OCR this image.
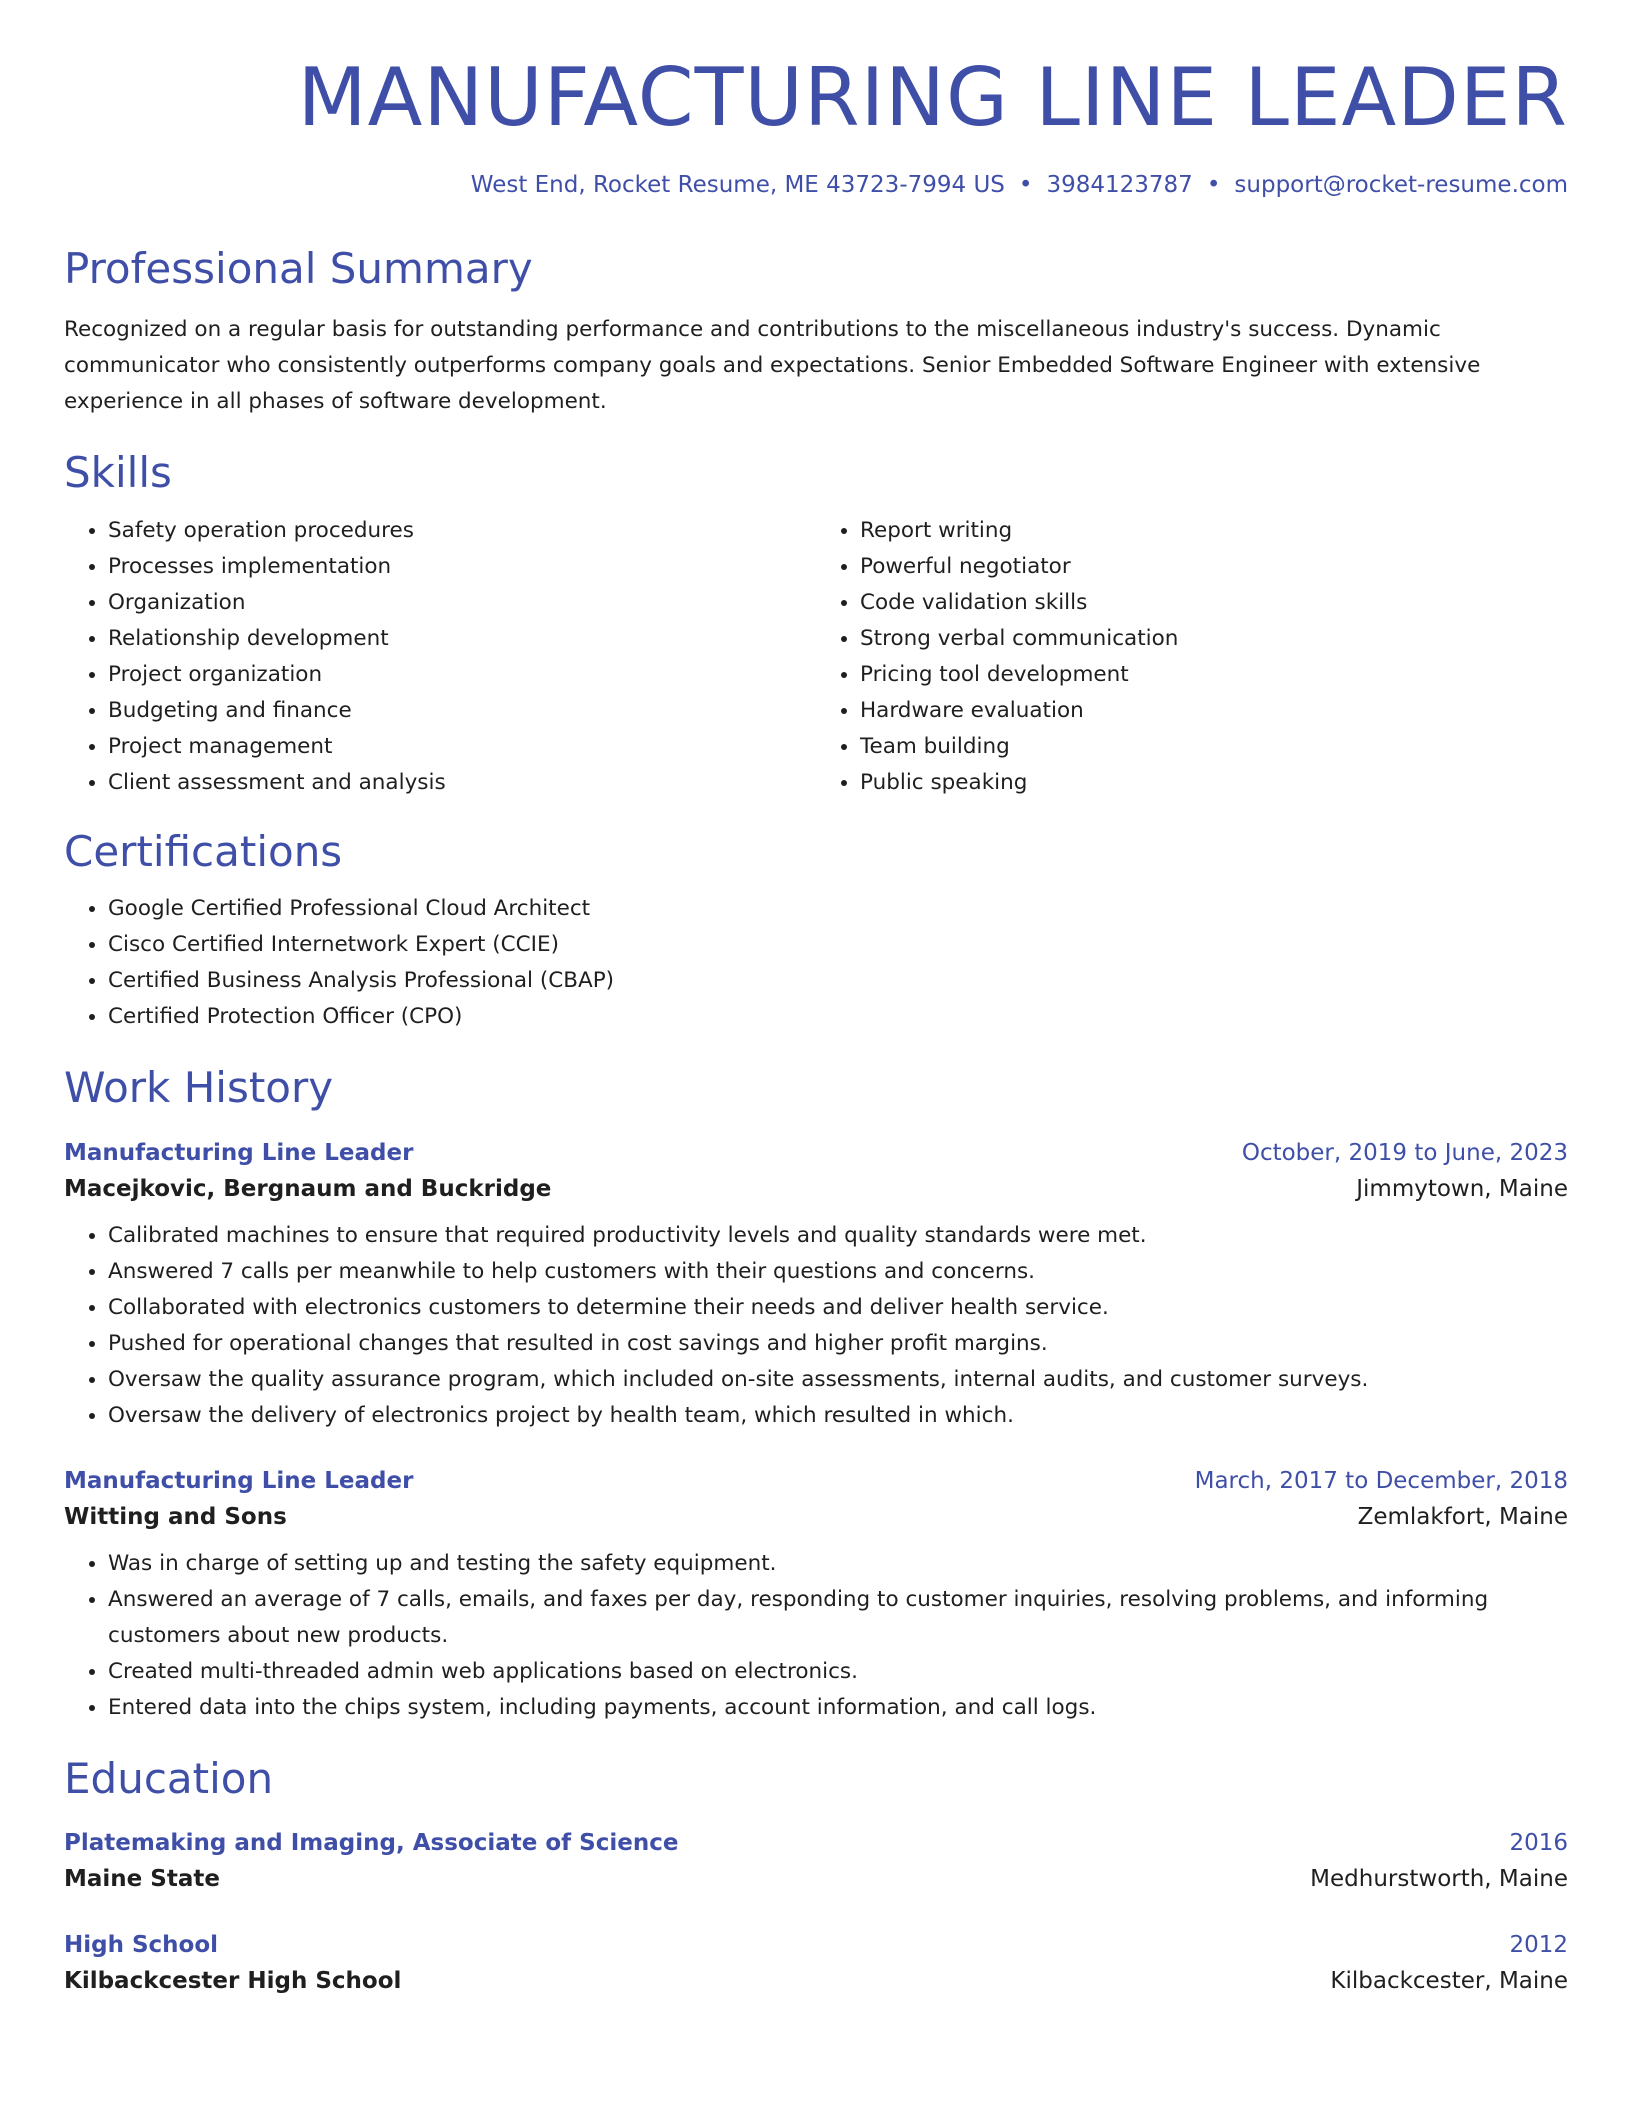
MANUFACTURING LINE LEADER
West End, Rocket Resume, ME 43723-7994 US • 3984123787 • support@rocket-resume.com
Professional Summary
Recognized on a regular basis for outstanding performance and contributions to the miscellaneous industry's success. Dynamic communicator who consistently outperforms company goals and expectations. Senior Embedded Software Engineer with extensive experience in all phases of software development.
Skills
• Safety operation procedures
• Processes implementation
• Organization
• Relationship development
• Project organization
• Budgeting and finance
• Project management
• Client assessment and analysis
• Report writing
• Powerful negotiator
• Code validation skills
• Strong verbal communication
• Pricing tool development
• Hardware evaluation
• Team building
• Public speaking
Certifications
• Google Certified Professional Cloud Architect
• Cisco Certified Internetwork Expert (CCIE)
• Certified Business Analysis Professional (CBAP)
• Certified Protection Officer (CPO)
Work History
Manufacturing Line Leader	October, 2019 to June, 2023
Macejkovic, Bergnaum and Buckridge	Jimmytown, Maine
• Calibrated machines to ensure that required productivity levels and quality standards were met.
• Answered 7 calls per meanwhile to help customers with their questions and concerns.
• Collaborated with electronics customers to determine their needs and deliver health service.
• Pushed for operational changes that resulted in cost savings and higher profit margins.
• Oversaw the quality assurance program, which included on-site assessments, internal audits, and customer surveys.
• Oversaw the delivery of electronics project by health team, which resulted in which.
Manufacturing Line Leader	March, 2017 to December, 2018
Witting and Sons	Zemlakfort, Maine
• Was in charge of setting up and testing the safety equipment.
• Answered an average of 7 calls, emails, and faxes per day, responding to customer inquiries, resolving problems, and informing customers about new products.
• Created multi-threaded admin web applications based on electronics.
• Entered data into the chips system, including payments, account information, and call logs.
Education
Platemaking and Imaging, Associate of Science	2016
Maine State	Medhurstworth, Maine
High School	2012
Kilbackcester High School	Kilbackcester, Maine
